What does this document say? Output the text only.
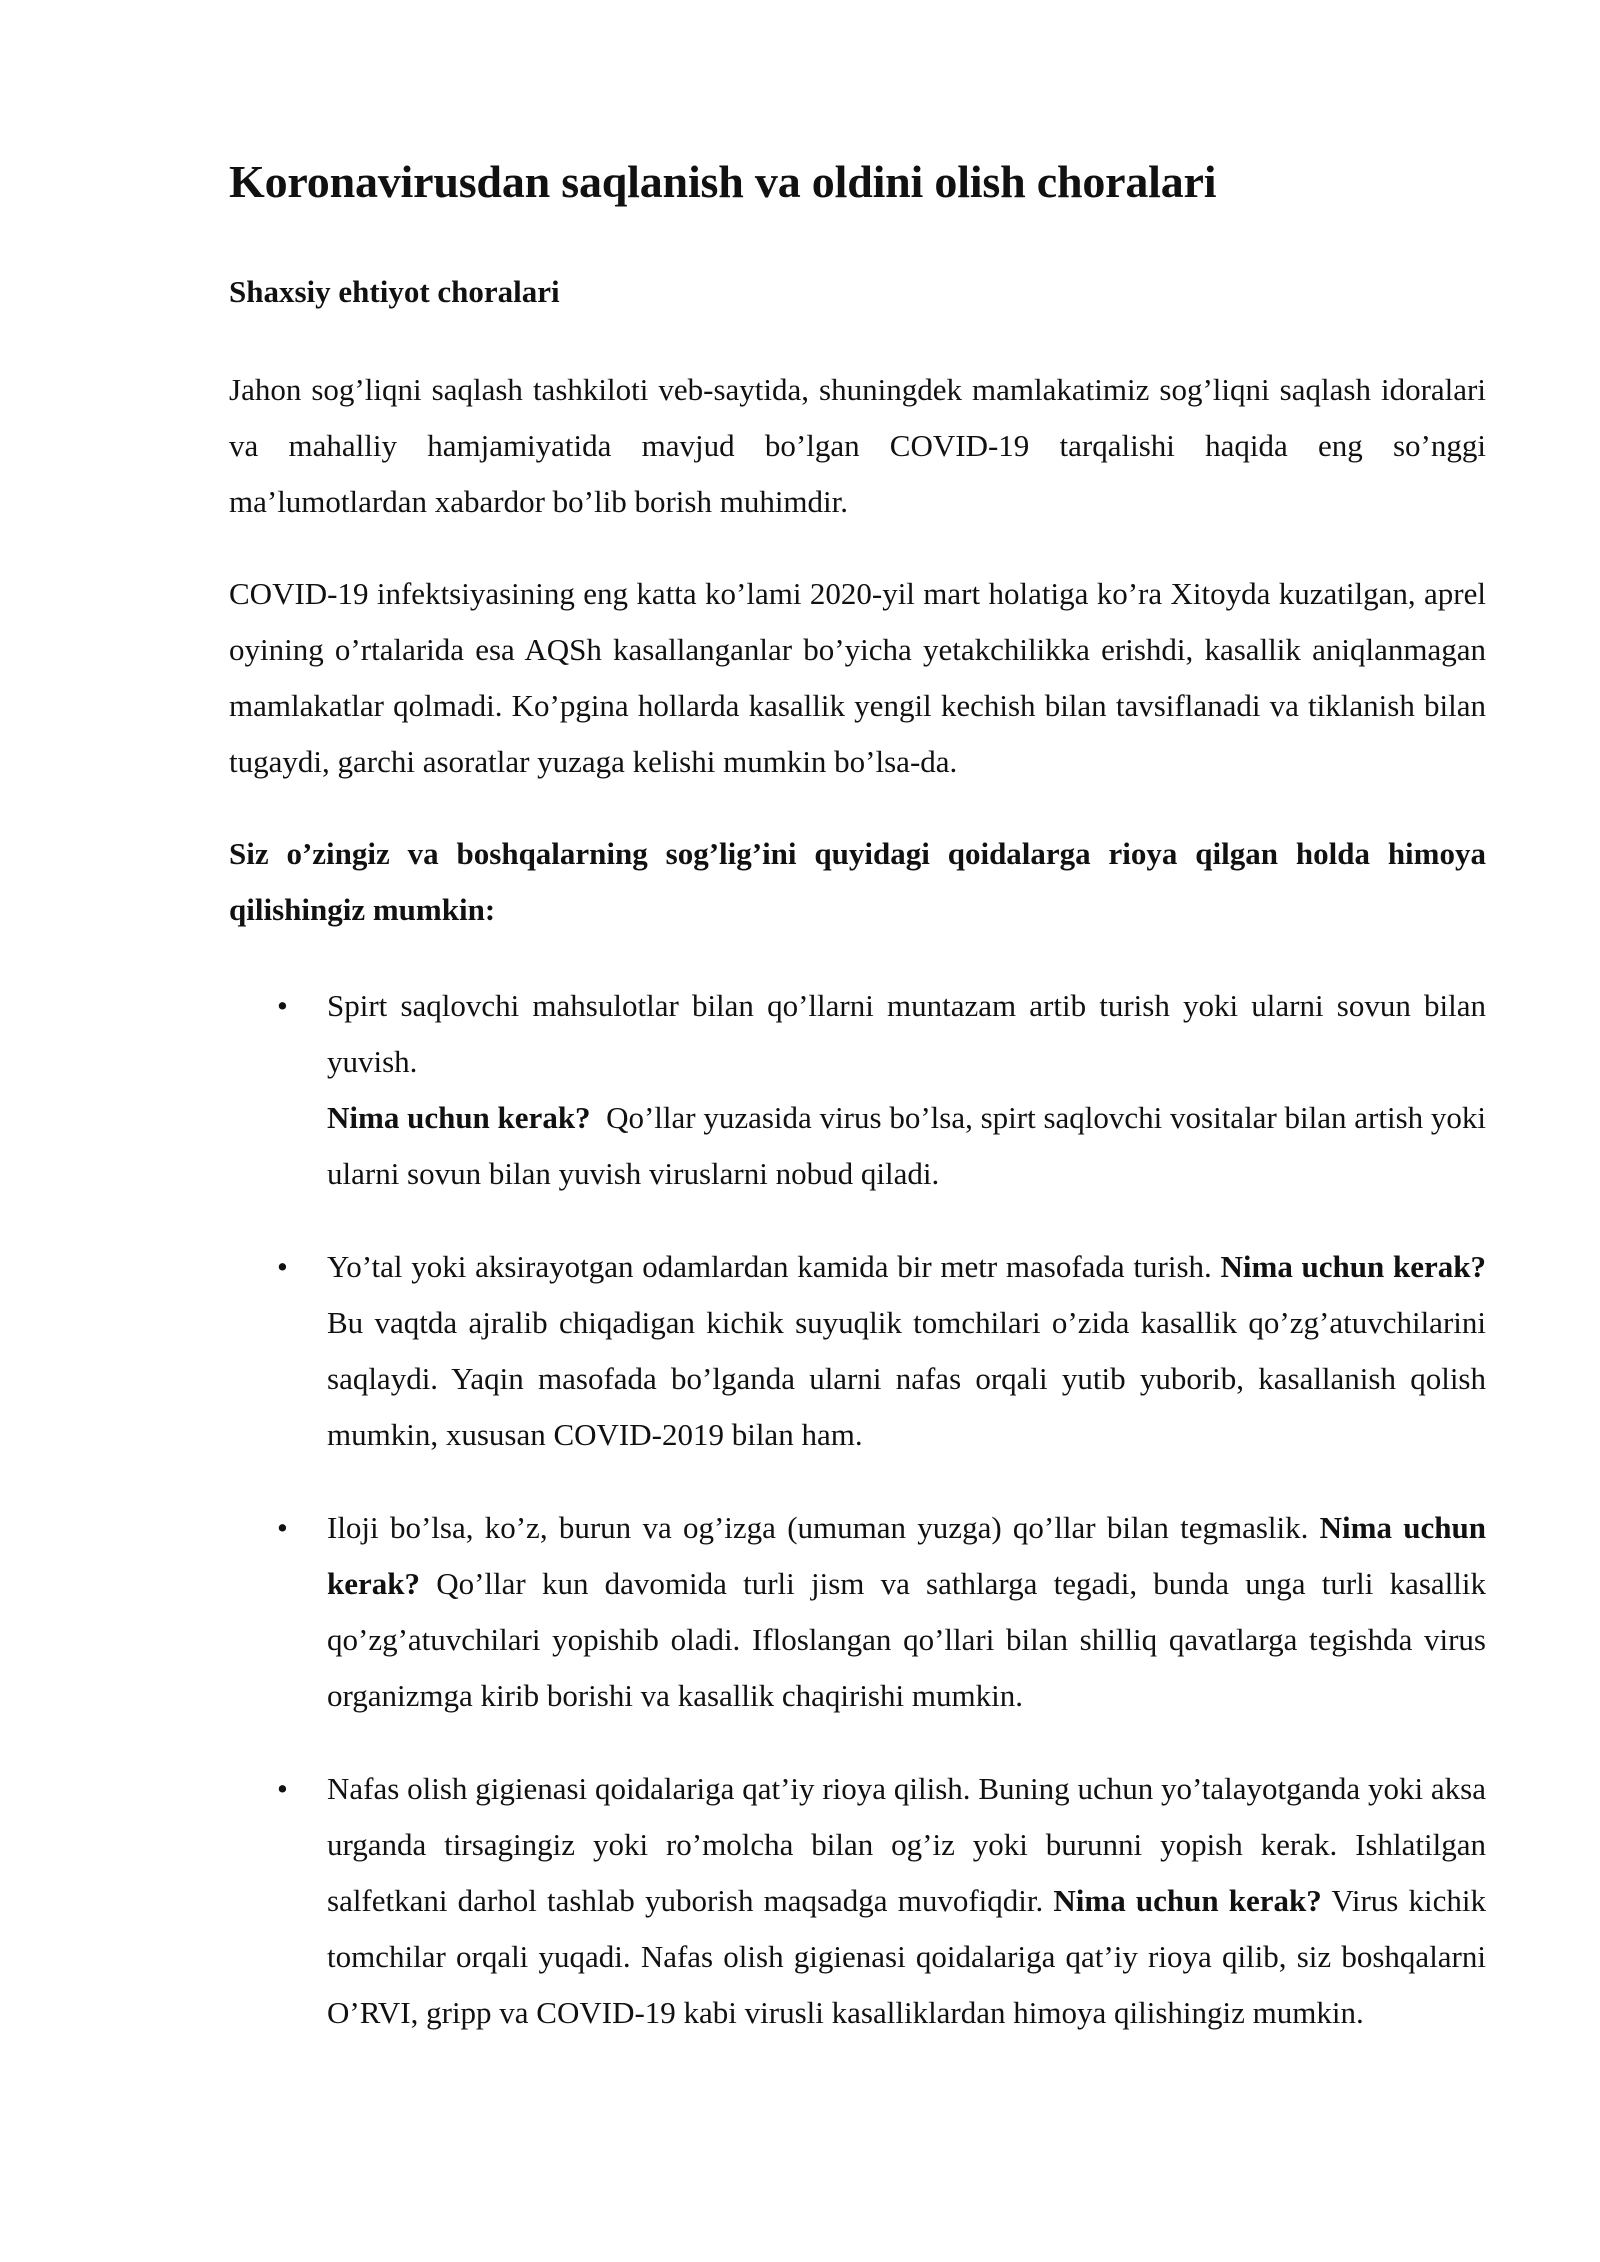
Koronavirusdan saqlanish va oldini olish choralari
Shaxsiy ehtiyot choralari

Jahon sog’liqni saqlash tashkiloti veb-saytida, shuningdek mamlakatimiz sog’liqni saqlash idoralari va mahalliy hamjamiyatida mavjud bo’lgan COVID-19 tarqalishi haqida eng so’nggi ma’lumotlardan xabardor bo’lib borish muhimdir.

COVID-19 infektsiyasining eng katta ko’lami 2020-yil mart holatiga ko’ra Xitoyda kuzatilgan, aprel oyining o’rtalarida esa AQSh kasallanganlar bo’yicha yetakchilikka erishdi, kasallik aniqlanmagan mamlakatlar qolmadi. Ko’pgina hollarda kasallik yengil kechish bilan tavsiflanadi va tiklanish bilan tugaydi, garchi asoratlar yuzaga kelishi mumkin bo’lsa-da.

Siz o’zingiz va boshqalarning sog’lig’ini quyidagi qoidalarga rioya qilgan holda himoya qilishingiz mumkin:

• Spirt saqlovchi mahsulotlar bilan qo’llarni muntazam artib turish yoki ularni sovun bilan yuvish.

Nima uchun kerak? Qo’llar yuzasida virus bo’lsa, spirt saqlovchi vositalar bilan artish yoki ularni sovun bilan yuvish viruslarni nobud qiladi.

• Yo’tal yoki aksirayotgan odamlardan kamida bir metr masofada turish. Nima uchun kerak? Bu vaqtda ajralib chiqadigan kichik suyuqlik tomchilari o’zida kasallik qo’zg’atuvchilarini saqlaydi. Yaqin masofada bo’lganda ularni nafas orqali yutib yuborib, kasallanish qolish mumkin, xususan COVID-2019 bilan ham.

• Iloji bo’lsa, ko’z, burun va og’izga (umuman yuzga) qo’llar bilan tegmaslik. Nima uchun kerak? Qo’llar kun davomida turli jism va sathlarga tegadi, bunda unga turli kasallik qo’zg’atuvchilari yopishib oladi. Ifloslangan qo’llari bilan shilliq qavatlarga tegishda virus organizmga kirib borishi va kasallik chaqirishi mumkin.

• Nafas olish gigienasi qoidalariga qat’iy rioya qilish. Buning uchun yo’talayotganda yoki aksa urganda tirsagingiz yoki ro’molcha bilan og’iz yoki burunni yopish kerak. Ishlatilgan salfetkani darhol tashlab yuborish maqsadga muvofiqdir. Nima uchun kerak? Virus kichik tomchilar orqali yuqadi. Nafas olish gigienasi qoidalariga qat’iy rioya qilib, siz boshqalarni O’RVI, gripp va COVID-19 kabi virusli kasalliklardan himoya qilishingiz mumkin.
